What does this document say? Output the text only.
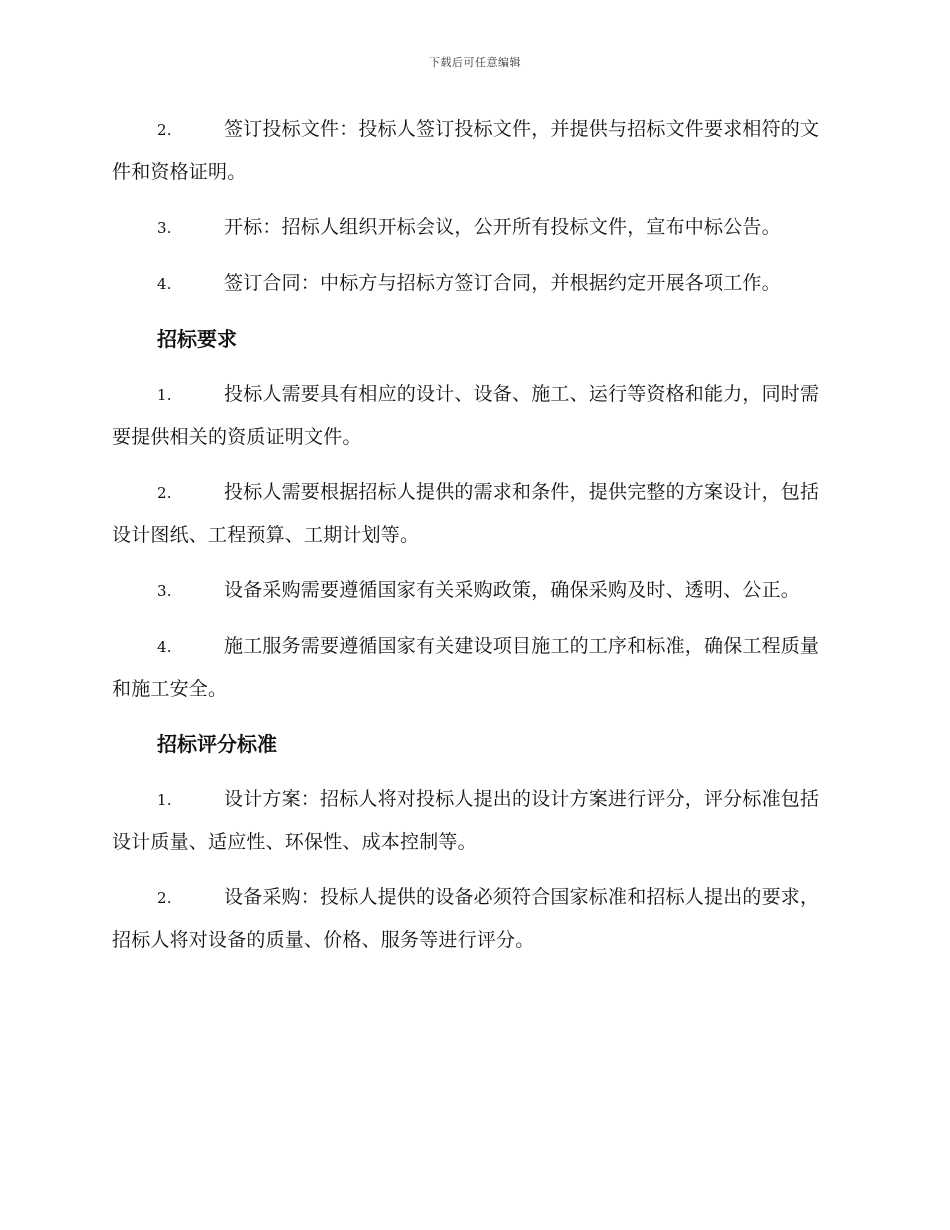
下载后可任意编辑

2.	签订投标文件：投标人签订投标文件，并提供与招标文件要求相符的文件和资格证明。

3.	开标：招标人组织开标会议，公开所有投标文件，宣布中标公告。

4.	签订合同：中标方与招标方签订合同，并根据约定开展各项工作。

招标要求

1.	投标人需要具有相应的设计、设备、施工、运行等资格和能力，同时需要提供相关的资质证明文件。

2.	投标人需要根据招标人提供的需求和条件，提供完整的方案设计，包括设计图纸、工程预算、工期计划等。

3.	设备采购需要遵循国家有关采购政策，确保采购及时、透明、公正。

4.	施工服务需要遵循国家有关建设项目施工的工序和标准，确保工程质量和施工安全。

招标评分标准

1.	设计方案：招标人将对投标人提出的设计方案进行评分，评分标准包括设计质量、适应性、环保性、成本控制等。

2.	设备采购：投标人提供的设备必须符合国家标准和招标人提出的要求，招标人将对设备的质量、价格、服务等进行评分。
